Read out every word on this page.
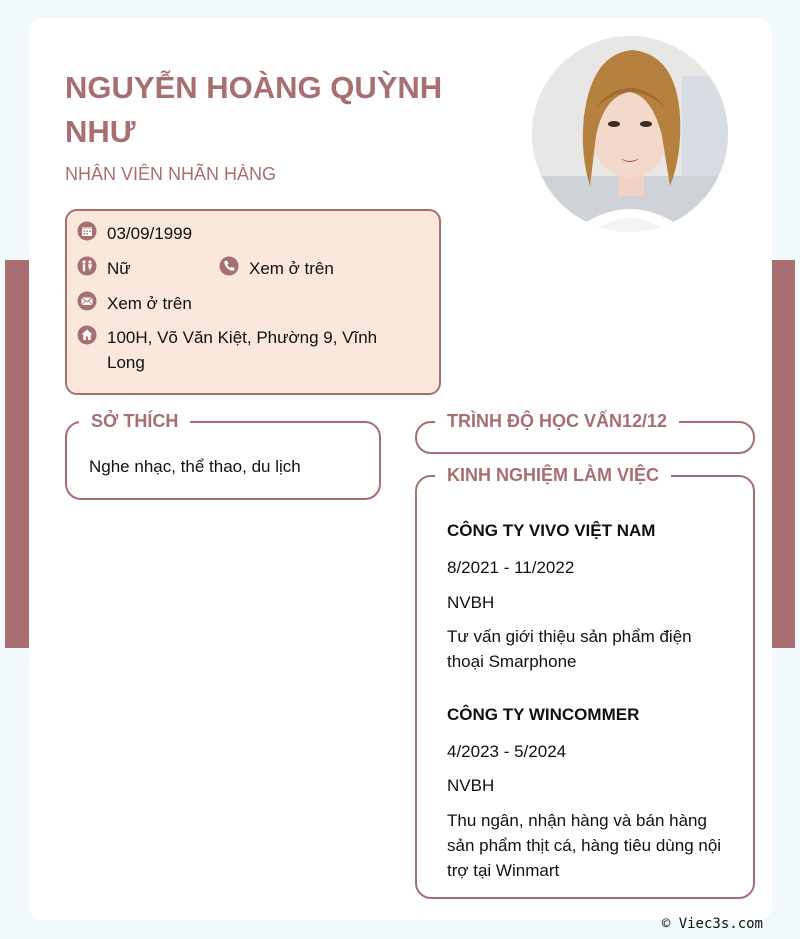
NGUYỄN HOÀNG QUỲNH NHƯ

NHÂN VIÊN NHÃN HÀNG

03/09/1999
Nữ	Xem ở trên
Xem ở trên
100H, Võ Văn Kiệt, Phường 9, Vĩnh Long
SỞ THÍCH
Nghe nhạc, thể thao, du lịch
TRÌNH ĐỘ HỌC VẤN12/12
KINH NGHIỆM LÀM VIỆC
CÔNG TY VIVO VIỆT NAM
8/2021 - 11/2022
NVBH
Tư vấn giới thiệu sản phẩm điện thoại Smarphone
CÔNG TY WINCOMMER
4/2023 - 5/2024
NVBH
Thu ngân, nhận hàng và bán hàng sản phẩm thịt cá, hàng tiêu dùng nội trợ tại Winmart
© Viec3s.com
